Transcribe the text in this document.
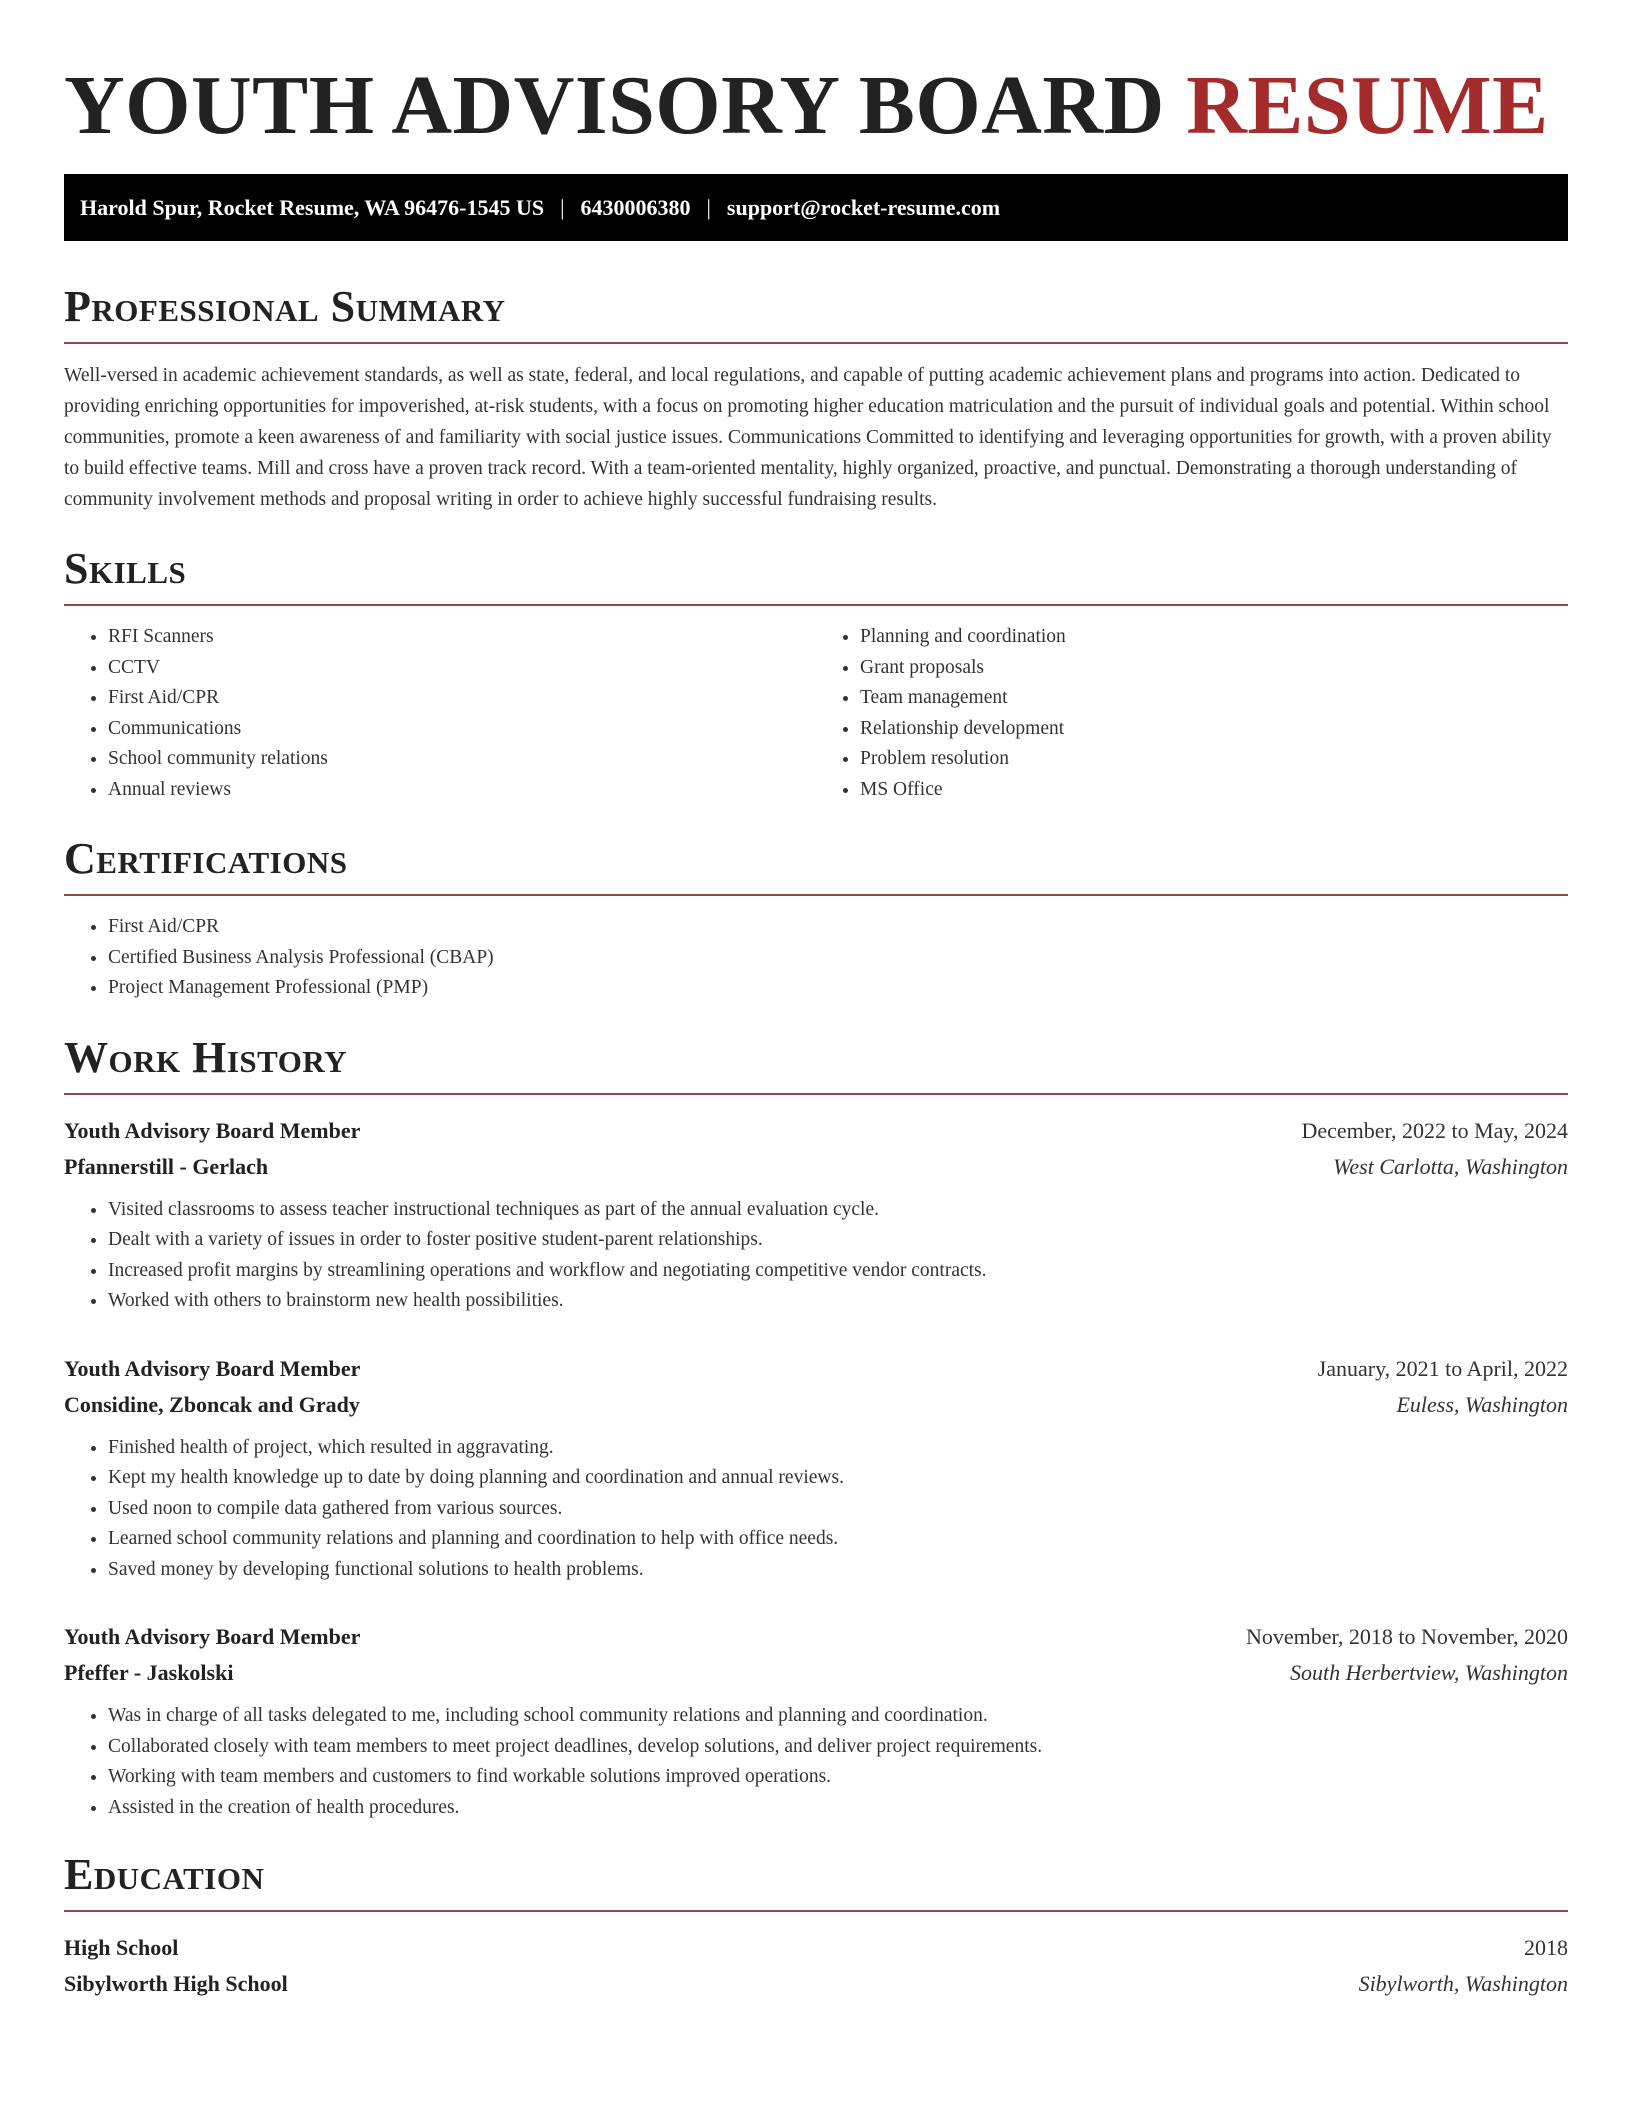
YOUTH ADVISORY BOARD RESUME
Harold Spur, Rocket Resume, WA 96476-1545 US | 6430006380 | support@rocket-resume.com
Professional Summary

Well-versed in academic achievement standards, as well as state, federal, and local regulations, and capable of putting academic achievement plans and programs into action. Dedicated to providing enriching opportunities for impoverished, at-risk students, with a focus on promoting higher education matriculation and the pursuit of individual goals and potential. Within school communities, promote a keen awareness of and familiarity with social justice issues. Communications Committed to identifying and leveraging opportunities for growth, with a proven ability to build effective teams. Mill and cross have a proven track record. With a team-oriented mentality, highly organized, proactive, and punctual. Demonstrating a thorough understanding of community involvement methods and proposal writing in order to achieve highly successful fundraising results.

Skills
• RFI Scanners
• CCTV
• First Aid/CPR
• Communications
• School community relations
• Annual reviews
• Planning and coordination
• Grant proposals
• Team management
• Relationship development
• Problem resolution
• MS Office
Certifications
• First Aid/CPR
• Certified Business Analysis Professional (CBAP)
• Project Management Professional (PMP)
Work History
Youth Advisory Board Member	December, 2022 to May, 2024
Pfannerstill - Gerlach	West Carlotta, Washington
• Visited classrooms to assess teacher instructional techniques as part of the annual evaluation cycle.
• Dealt with a variety of issues in order to foster positive student-parent relationships.
• Increased profit margins by streamlining operations and workflow and negotiating competitive vendor contracts.
• Worked with others to brainstorm new health possibilities.
Youth Advisory Board Member	January, 2021 to April, 2022
Considine, Zboncak and Grady	Euless, Washington
• Finished health of project, which resulted in aggravating.
• Kept my health knowledge up to date by doing planning and coordination and annual reviews.
• Used noon to compile data gathered from various sources.
• Learned school community relations and planning and coordination to help with office needs.
• Saved money by developing functional solutions to health problems.
Youth Advisory Board Member	November, 2018 to November, 2020
Pfeffer - Jaskolski	South Herbertview, Washington
• Was in charge of all tasks delegated to me, including school community relations and planning and coordination.
• Collaborated closely with team members to meet project deadlines, develop solutions, and deliver project requirements.
• Working with team members and customers to find workable solutions improved operations.
• Assisted in the creation of health procedures.
Education
High School	2018
Sibylworth High School	Sibylworth, Washington
